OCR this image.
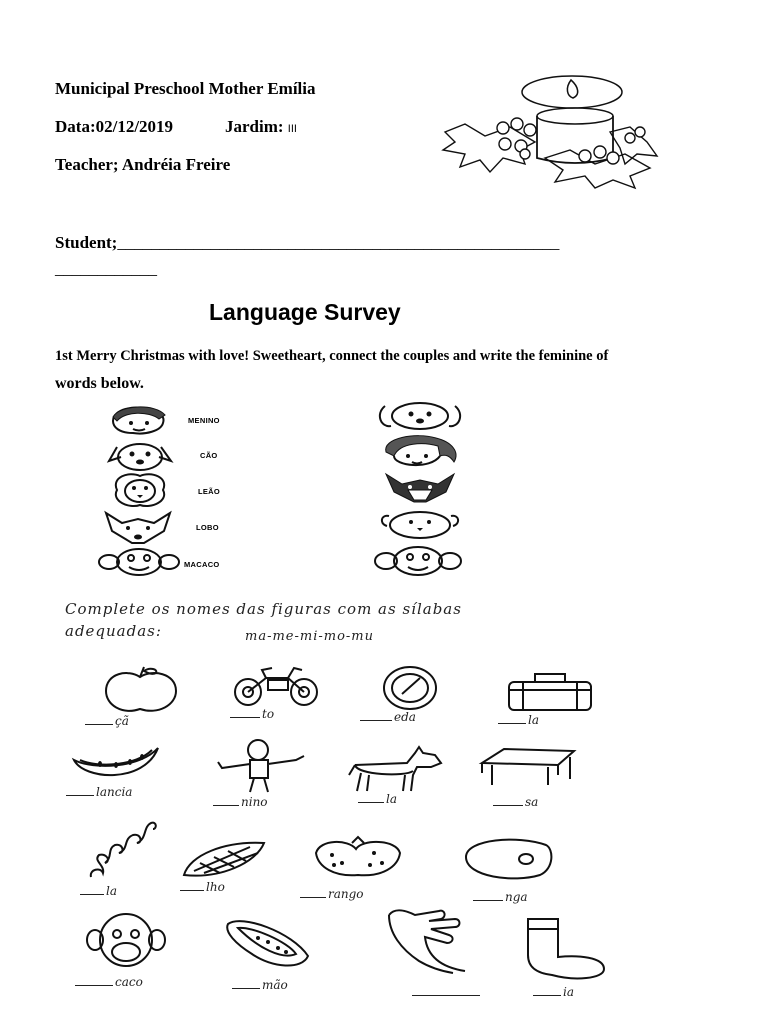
Municipal Preschool Mother Emília
Data:02/12/2019	Jardim: III
Teacher; Andréia Freire
Student;____________________________________________________
____________
Language Survey
1st Merry Christmas with love! Sweetheart, connect the couples and write the feminine of
words below.
MENINO
CÃO
LEÃO
LOBO
MACACO
Complete os nomes das figuras com as sílabas
adequadas:	ma-me-mi-mo-mu
çã	to	eda	la
lancia
nino	la	sa
la	lho	rango	nga
caco	mão	ia
